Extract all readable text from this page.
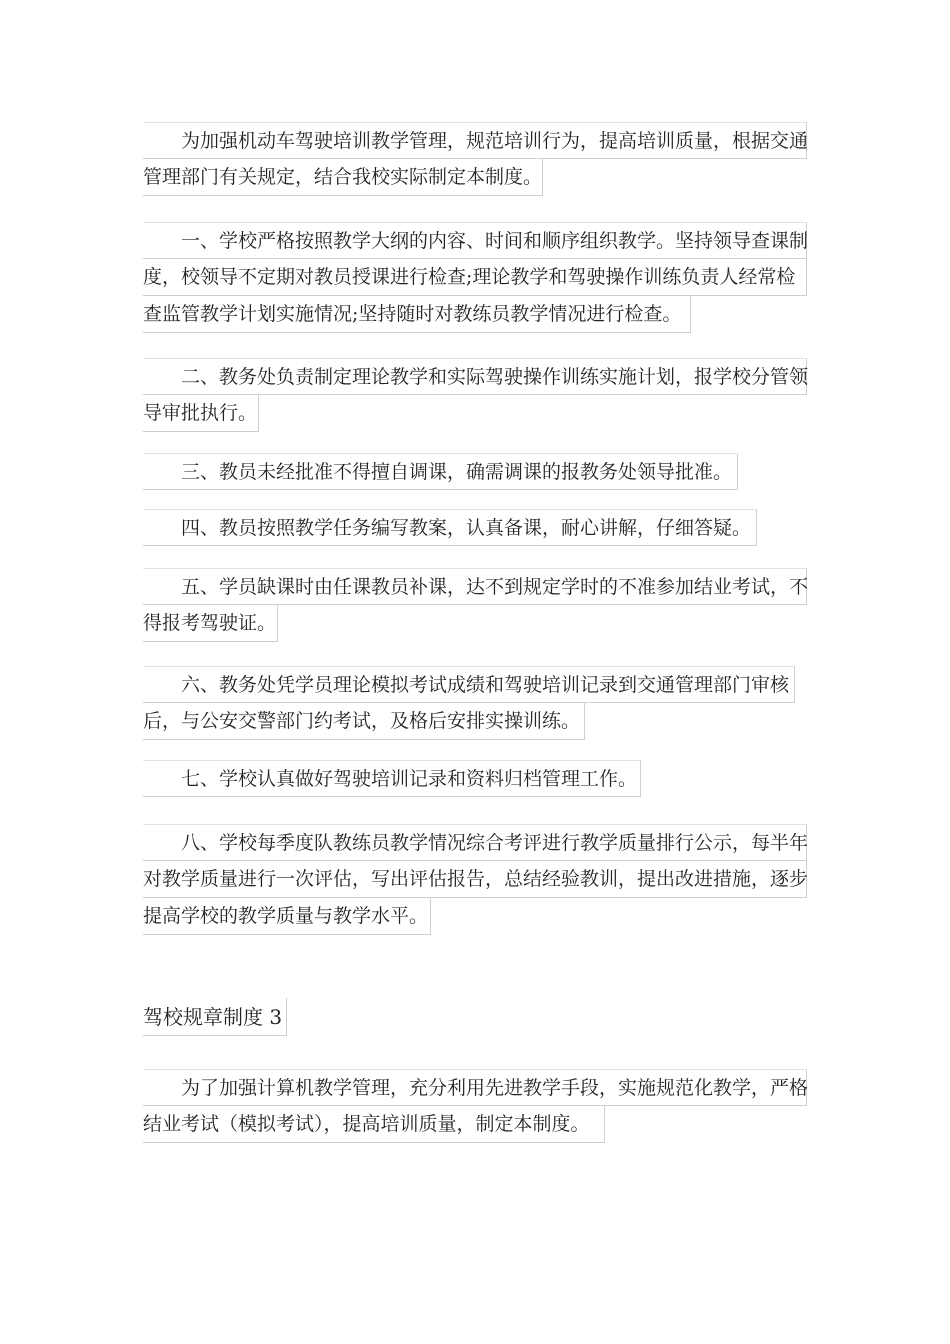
　　为加强机动车驾驶培训教学管理，规范培训行为，提高培训质量，根据交通
管理部门有关规定，结合我校实际制定本制度。
　　一、学校严格按照教学大纲的内容、时间和顺序组织教学。坚持领导查课制
度，校领导不定期对教员授课进行检查;理论教学和驾驶操作训练负责人经常检
查监管教学计划实施情况;坚持随时对教练员教学情况进行检查。
　　二、教务处负责制定理论教学和实际驾驶操作训练实施计划，报学校分管领
导审批执行。
　　三、教员未经批准不得擅自调课，确需调课的报教务处领导批准。
　　四、教员按照教学任务编写教案，认真备课，耐心讲解，仔细答疑。
　　五、学员缺课时由任课教员补课，达不到规定学时的不准参加结业考试，不
得报考驾驶证。
　　六、教务处凭学员理论模拟考试成绩和驾驶培训记录到交通管理部门审核
后，与公安交警部门约考试，及格后安排实操训练。
　　七、学校认真做好驾驶培训记录和资料归档管理工作。
　　八、学校每季度队教练员教学情况综合考评进行教学质量排行公示，每半年
对教学质量进行一次评估，写出评估报告，总结经验教训，提出改进措施，逐步
提高学校的教学质量与教学水平。
驾校规章制度 3
　　为了加强计算机教学管理，充分利用先进教学手段，实施规范化教学，严格
结业考试（模拟考试），提高培训质量，制定本制度。
